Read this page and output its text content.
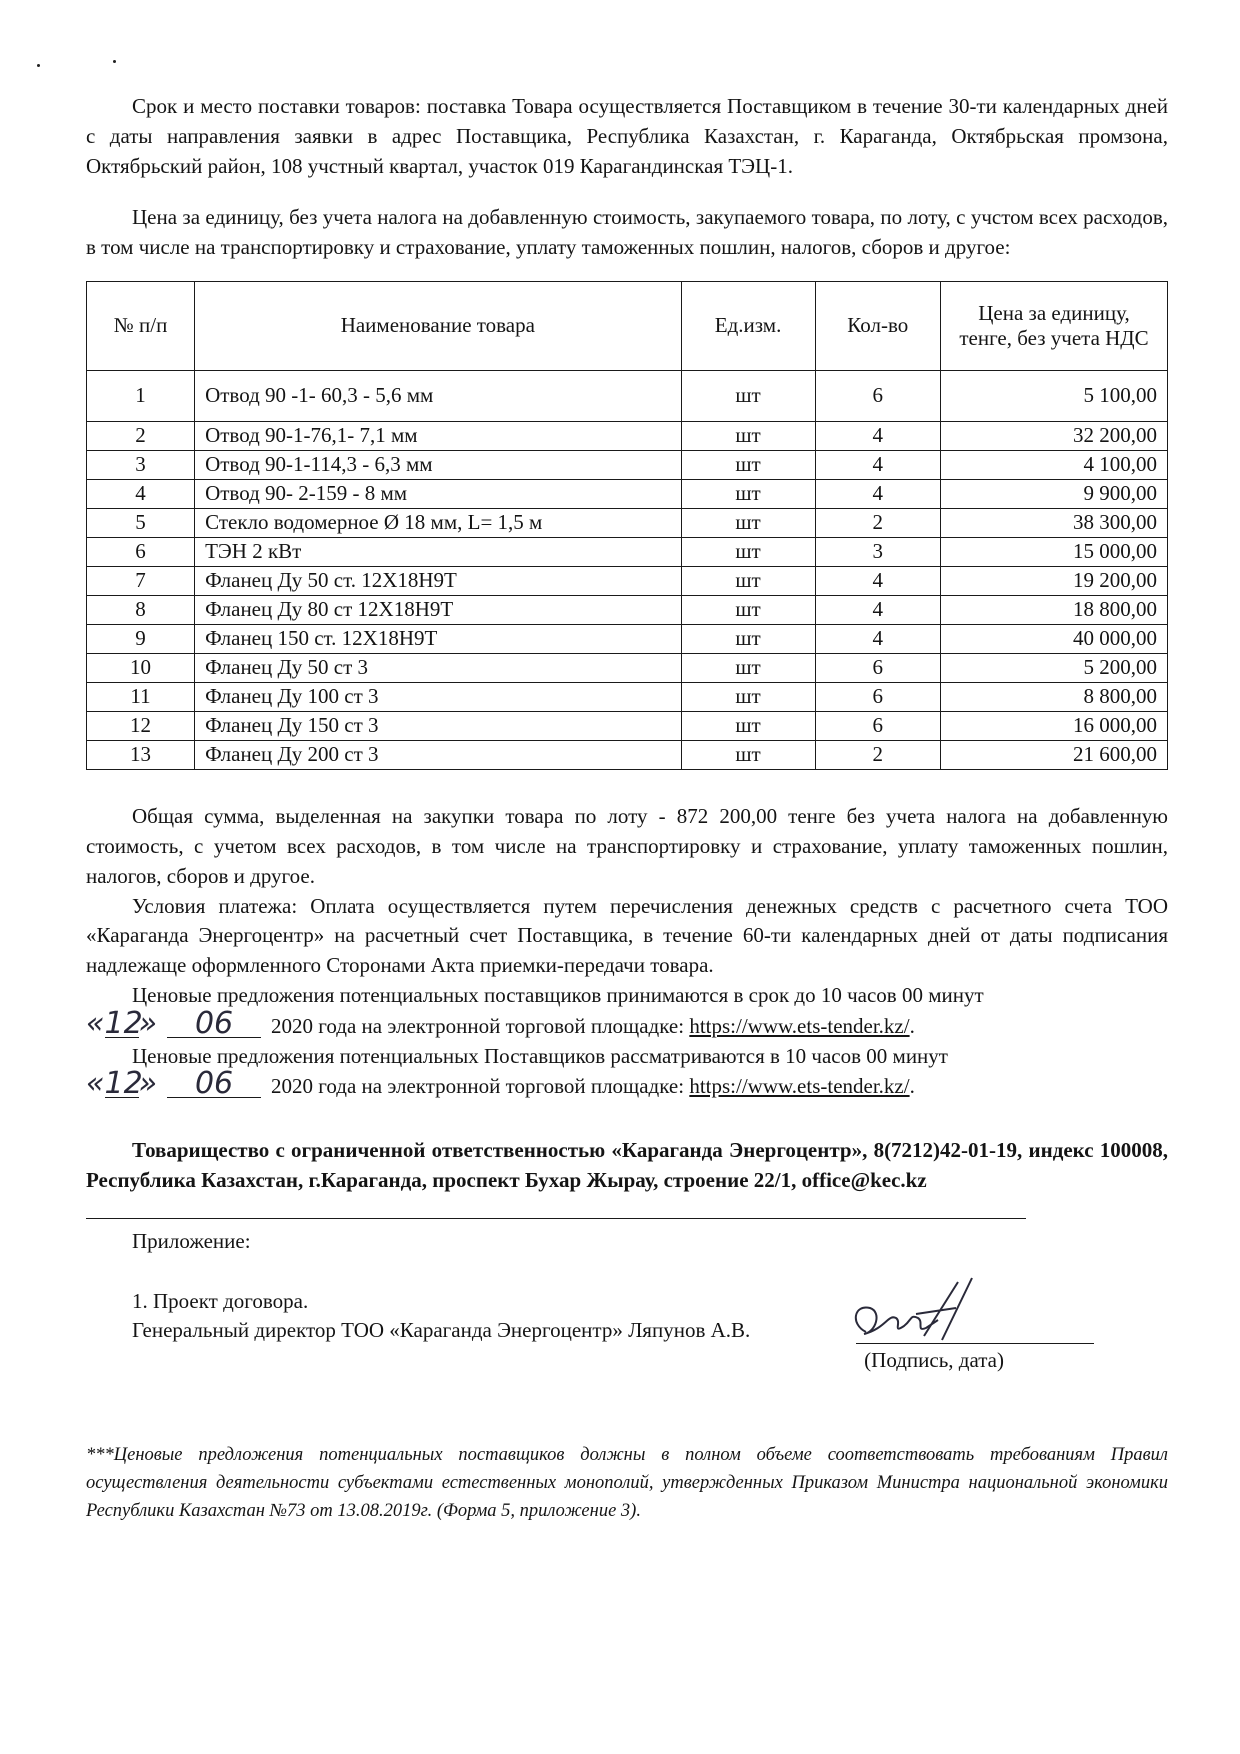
Срок и место поставки товаров: поставка Товара осуществляется Поставщиком в течение 30-ти календарных дней с даты направления заявки в адрес Поставщика, Республика Казахстан, г. Караганда, Октябрьская промзона, Октябрьский район, 108 учстный квартал, участок 019 Карагандинская ТЭЦ-1.

Цена за единицу, без учета налога на добавленную стоимость, закупаемого товара, по лоту, с учстом всех расходов, в том числе на транспортировку и страхование, уплату таможенных пошлин, налогов, сборов и другое:

№ п/п	Наименование товара	Ед.изм.	Кол-во	Цена за единицу, тенге, без учета НДС
1	Отвод 90 -1- 60,3 - 5,6 мм	шт	6	5 100,00
2	Отвод 90-1-76,1- 7,1 мм	шт	4	32 200,00
3	Отвод 90-1-114,3 - 6,3 мм	шт	4	4 100,00
4	Отвод 90- 2-159 - 8 мм	шт	4	9 900,00
5	Стекло водомерное Ø 18 мм, L= 1,5 м	шт	2	38 300,00
6	ТЭН 2 кВт	шт	3	15 000,00
7	Фланец Ду 50 ст. 12Х18Н9Т	шт	4	19 200,00
8	Фланец Ду 80 ст 12Х18Н9Т	шт	4	18 800,00
9	Фланец 150 ст. 12Х18Н9Т	шт	4	40 000,00
10	Фланец Ду 50 ст 3	шт	6	5 200,00
11	Фланец Ду 100 ст 3	шт	6	8 800,00
12	Фланец Ду 150 ст 3	шт	6	16 000,00
13	Фланец Ду 200 ст 3	шт	2	21 600,00

Общая сумма, выделенная на закупки товара по лоту - 872 200,00 тенге без учета налога на добавленную стоимость, с учетом всех расходов, в том числе на транспортировку и страхование, уплату таможенных пошлин, налогов, сборов и другое.

Условия платежа: Оплата осуществляется путем перечисления денежных средств с расчетного счета ТОО «Караганда Энергоцентр» на расчетный счет Поставщика, в течение 60-ти календарных дней от даты подписания надлежаще оформленного Сторонами Акта приемки-передачи товара.

Ценовые предложения потенциальных поставщиков принимаются в срок до 10 часов 00 минут

« 12
»	06	2020 года на электронной торговой площадке:
https://www.ets-tender.kz/ .

Ценовые предложения потенциальных Поставщиков рассматриваются в 10 часов 00 минут

« 12
»	06	2020 года на электронной торговой площадке:
https://www.ets-tender.kz/ .

Товарищество с ограниченной ответственностью «Караганда Энергоцентр», 8(7212)42-01-19, индекс 100008, Республика Казахстан, г.Караганда, проспект Бухар Жырау, строение 22/1, office@kec.kz

Приложение:

1. Проект договора.

Генеральный директор ТОО «Караганда Энергоцентр» Ляпунов А.В.

(Подпись, дата)

***Ценовые предложения потенциальных поставщиков должны в полном объеме соответствовать требованиям Правил осуществления деятельности субъектами естественных монополий, утвержденных Приказом Министра национальной экономики Республики Казахстан №73 от 13.08.2019г. (Форма 5, приложение 3).
